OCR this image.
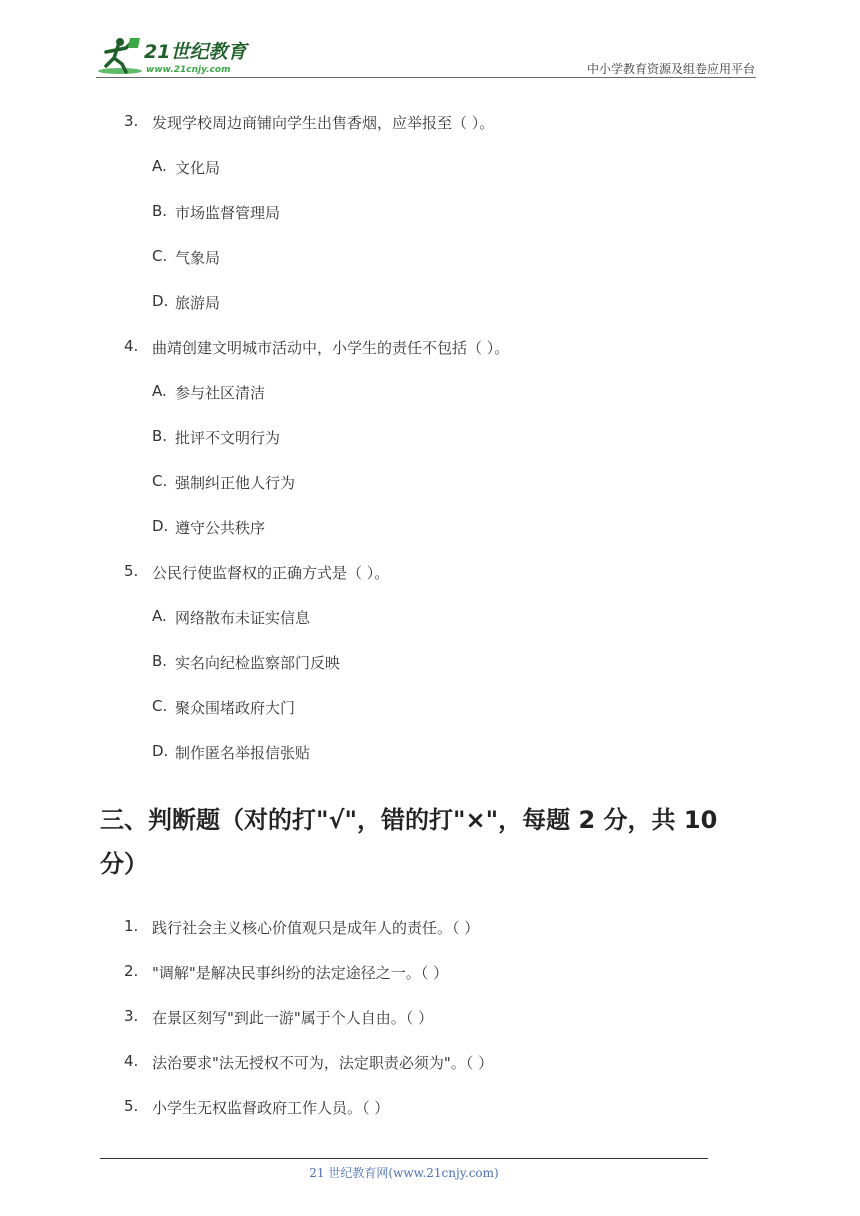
21世纪教育
www.21cnjy.com	中小学教育资源及组卷应用平台
3. 发现学校周边商铺向学生出售香烟，应举报至（ ）。
A. 文化局
B. 市场监督管理局
C. 气象局
D. 旅游局
4. 曲靖创建文明城市活动中，小学生的责任不包括（ ）。
A. 参与社区清洁
B. 批评不文明行为
C. 强制纠正他人行为
D. 遵守公共秩序
5. 公民行使监督权的正确方式是（ ）。
A. 网络散布未证实信息
B. 实名向纪检监察部门反映
C. 聚众围堵政府大门
D. 制作匿名举报信张贴
三、判断题（对的打"√"，错的打"×"，每题 2 分，共 10 分）
1. 践行社会主义核心价值观只是成年人的责任。（ ）
2. "调解"是解决民事纠纷的法定途径之一。（ ）
3. 在景区刻写"到此一游"属于个人自由。（ ）
4. 法治要求"法无授权不可为，法定职责必须为"。（ ）
5. 小学生无权监督政府工作人员。（ ）
21 世纪教育网(www.21cnjy.com)
